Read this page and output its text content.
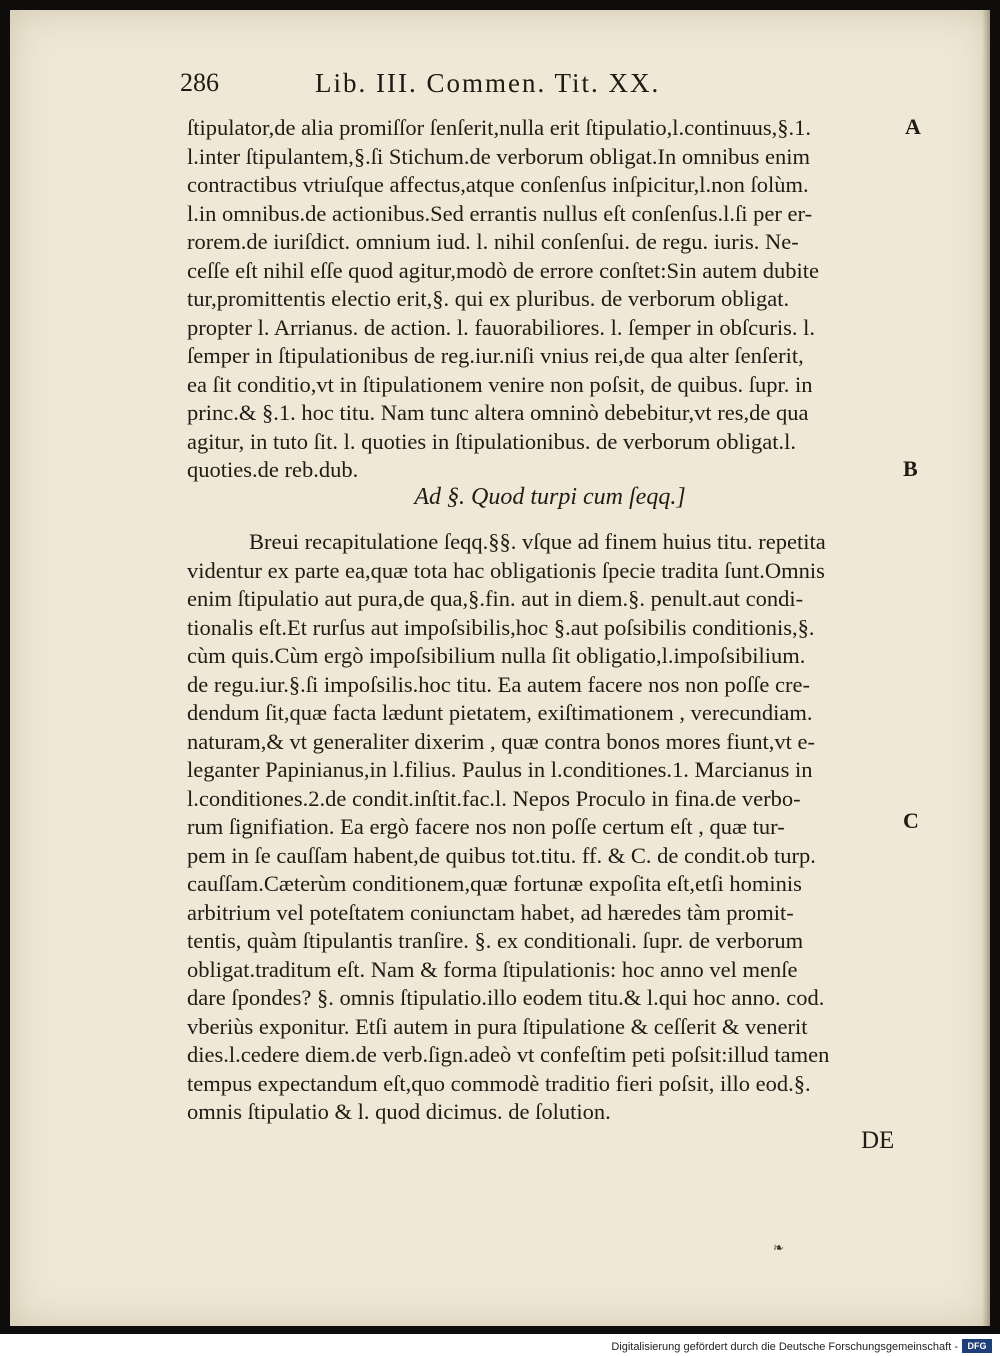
286	Lib. III. Commen. Tit. XX.
A
ſtipulator,de alia promiſſor ſenſerit,nulla erit ſtipulatio,l.continuus,§.1.
l.inter ſtipulantem,§.ſi Stichum.de verborum obligat.In omnibus enim
contractibus vtriuſque affectus,atque conſenſus inſpicitur,l.non ſolùm.
l.in omnibus.de actionibus.Sed errantis nullus eſt conſenſus.l.ſi per er-
rorem.de iuriſdict. omnium iud. l. nihil conſenſui. de regu. iuris. Ne-
ceſſe eſt nihil eſſe quod agitur,modò de errore conſtet:Sin autem dubite
tur,promittentis electio erit,§. qui ex pluribus. de verborum obligat.
propter l. Arrianus. de action. l. fauorabiliores. l. ſemper in obſcuris. l.
ſemper in ſtipulationibus de reg.iur.niſi vnius rei,de qua alter ſenſerit,
ea ſit conditio,vt in ſtipulationem venire non poſsit, de quibus. ſupr. in
princ.& §.1. hoc titu. Nam tunc altera omninò debebitur,vt res,de qua
agitur, in tuto ſit. l. quoties in ſtipulationibus. de verborum obligat.l.
quoties.de reb.dub.	B
Ad §. Quod turpi cum ſeqq.]
Breui recapitulatione ſeqq.§§. vſque ad finem huius titu. repetita
videntur ex parte ea,quæ tota hac obligationis ſpecie tradita ſunt.Omnis
enim ſtipulatio aut pura,de qua,§.fin. aut in diem.§. penult.aut condi-
tionalis eſt.Et rurſus aut impoſsibilis,hoc §.aut poſsibilis conditionis,§.
cùm quis.Cùm ergò impoſsibilium nulla ſit obligatio,l.impoſsibilium.
de regu.iur.§.ſi impoſsilis.hoc titu. Ea autem facere nos non poſſe cre-
dendum ſit,quæ facta lædunt pietatem, exiſtimationem , verecundiam.
naturam,& vt generaliter dixerim , quæ contra bonos mores fiunt,vt e-
leganter Papinianus,in l.filius. Paulus in l.conditiones.1. Marcianus in
l.conditiones.2.de condit.inſtit.fac.l. Nepos Proculo in fina.de verbo-
rum ſignifiation. Ea ergò facere nos non poſſe certum eſt , quæ tur-
pem in ſe cauſſam habent,de quibus tot.titu. ff. & C. de condit.ob turp.
cauſſam.Cæterùm conditionem,quæ fortunæ expoſita eſt,etſi hominis
arbitrium vel poteſtatem coniunctam habet, ad hæredes tàm promit-
tentis, quàm ſtipulantis tranſire. §. ex conditionali. ſupr. de verborum
obligat.traditum eſt. Nam & forma ſtipulationis: hoc anno vel menſe
dare ſpondes? §. omnis ſtipulatio.illo eodem titu.& l.qui hoc anno. cod.
vberiùs exponitur. Etſi autem in pura ſtipulatione & ceſſerit & venerit
dies.l.cedere diem.de verb.ſign.adeò vt confeſtim peti poſsit:illud tamen
tempus expectandum eſt,quo commodè traditio fieri poſsit, illo eod.§.
omnis ſtipulatio & l. quod dicimus. de ſolution.
C
DE
❧
Digitalisierung gefördert durch die Deutsche Forschungsgemeinschaft -	DFG
